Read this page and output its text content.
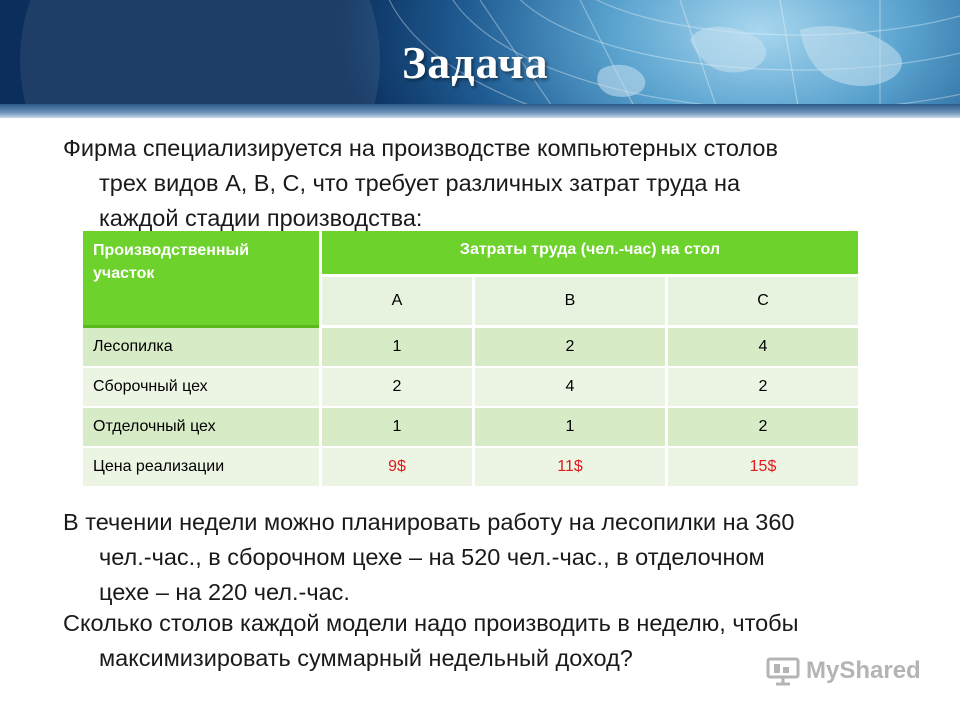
Задача
Фирма специализируется на производстве компьютерных столов
трех видов А, В, С, что требует различных затрат труда на
каждой стадии производства:
Производственный участок	Затраты труда (чел.-час) на стол		
	А	В	С
Лесопилка	1	2	4
Сборочный цех	2	4	2
Отделочный цех	1	1	2
Цена реализации	9$	11$	15$
В течении недели можно планировать работу на лесопилки на 360
чел.-час., в сборочном цехе – на 520 чел.-час., в отделочном
цехе – на 220 чел.-час.
Сколько столов каждой модели надо производить в неделю, чтобы
максимизировать суммарный недельный доход?	MyShared
